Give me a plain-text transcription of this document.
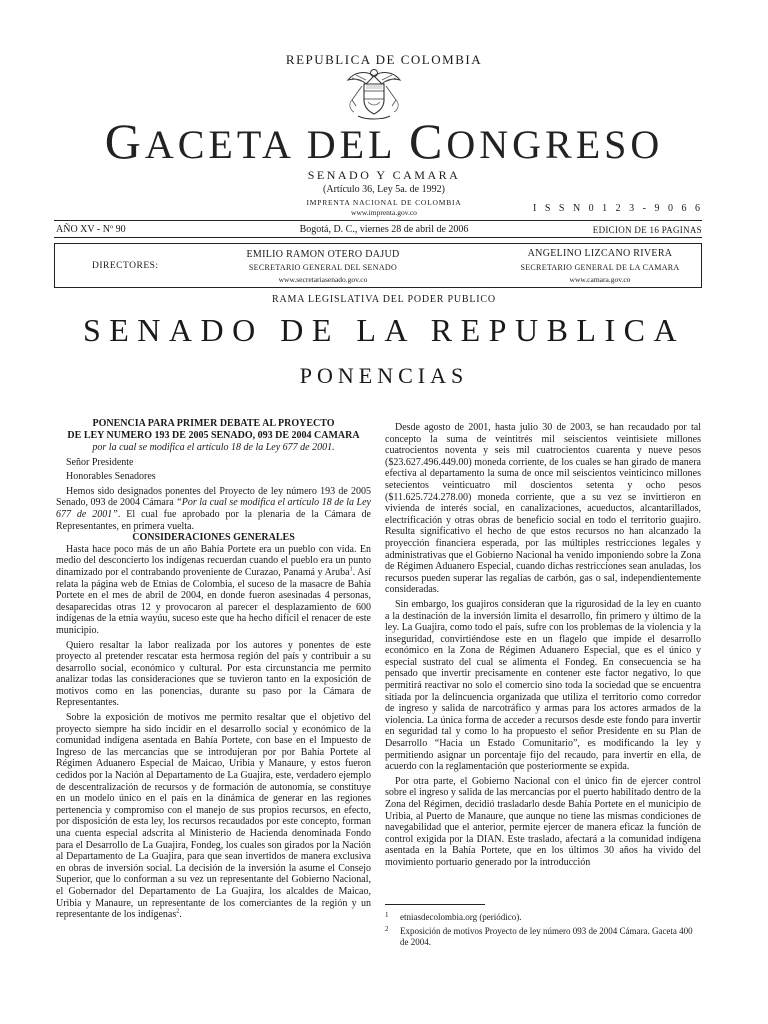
REPUBLICA DE COLOMBIA
GACETA DEL CONGRESO
SENADO Y CAMARA
(Artículo 36, Ley 5a. de 1992)
IMPRENTA NACIONAL DE COLOMBIA
www.imprenta.gov.co	I S S N 0 1 2 3 - 9 0 6 6
AÑO XV - Nº 90	Bogotá, D. C., viernes 28 de abril de 2006	EDICION DE 16 PAGINAS
DIRECTORES:
EMILIO RAMON OTERO DAJUD
SECRETARIO GENERAL DEL SENADO
www.secretariasenado.gov.co
ANGELINO LIZCANO RIVERA
SECRETARIO GENERAL DE LA CAMARA
www.camara.gov.co
RAMA LEGISLATIVA DEL PODER PUBLICO
SENADO DE LA REPUBLICA
PONENCIAS

PONENCIA PARA PRIMER DEBATE AL PROYECTO

DE LEY NUMERO 193 DE 2005 SENADO, 093 DE 2004 CAMARA

por la cual se modifica el artículo 18 de la Ley 677 de 2001.

Señor Presidente

Honorables Senadores

Hemos sido designados ponentes del Proyecto de ley número 193 de 2005 Senado, 093 de 2004 Cámara “Por la cual se modifica el artículo 18 de la Ley 677 de 2001”. El cual fue aprobado por la plenaria de la Cámara de Representantes, en primera vuelta.

CONSIDERACIONES GENERALES

Hasta hace poco más de un año Bahía Portete era un pueblo con vida. En medio del desconcierto los indígenas recuerdan cuando el pueblo era un punto dinamizado por el contrabando proveniente de Curazao, Panamá y Aruba$^1$. Así relata la página web de Etnias de Colombia, el suceso de la masacre de Bahía Portete en el mes de abril de 2004, en donde fueron asesinadas 4 personas, desaparecidas otras 12 y provocaron al parecer el desplazamiento de 600 indígenas de la etnia wayúu, suceso este que ha hecho difícil el renacer de este municipio.

Quiero resaltar la labor realizada por los autores y ponentes de este proyecto al pretender rescatar esta hermosa región del país y contribuir a su desarrollo social, económico y cultural. Por esta circunstancia me permito analizar todas las consideraciones que se tuvieron tanto en la exposición de motivos como en las ponencias, durante su paso por la Cámara de Representantes.

Sobre la exposición de motivos me permito resaltar que el objetivo del proyecto siempre ha sido incidir en el desarrollo social y económico de la comunidad indígena asentada en Bahía Portete, con base en el Impuesto de Ingreso de las mercancías que se introdujeran por por Bahía Portete al Régimen Aduanero Especial de Maicao, Uribia y Manaure, y estos fueron cedidos por la Nación al Departamento de La Guajira, este, verdadero ejemplo de descentralización de recursos y de formación de autonomía, se constituye en un modelo único en el país en la dinámica de generar en las regiones pertenencia y compromiso con el manejo de sus propios recursos, en efecto, por disposición de esta ley, los recursos recaudados por este concepto, forman una cuenta especial adscrita al Ministerio de Hacienda denominada Fondo para el Desarrollo de La Guajira, Fondeg, los cuales son girados por la Nación al Departamento de La Guajira, para que sean invertidos de manera exclusiva en obras de inversión social. La decisión de la inversión la asume el Consejo Superior, que lo conforman a su vez un representante del Gobierno Nacional, el Gobernador del Departamento de La Guajira, los alcaldes de Maicao, Uribia y Manaure, un representante de los comerciantes de la región y un representante de los indígenas$^2$.

Desde agosto de 2001, hasta julio 30 de 2003, se han recaudado por tal concepto la suma de veintitrés mil seiscientos veintisiete millones cuatrocientos noventa y seis mil cuatrocientos cuarenta y nueve pesos ($23.627.496.449.00) moneda corriente, de los cuales se han girado de manera efectiva al departamento la suma de once mil seiscientos veinticinco millones setecientos veinticuatro mil doscientos setenta y ocho pesos ($11.625.724.278.00) moneda corriente, que a su vez se invirtieron en vivienda de interés social, en canalizaciones, acueductos, alcantarillados, electrificación y otras obras de beneficio social en todo el territorio guajiro. Resulta significativo el hecho de que estos recursos no han alcanzado la proyección financiera esperada, por las múltiples restricciones legales y administrativas que el Gobierno Nacional ha venido imponiendo sobre la Zona de Régimen Aduanero Especial, cuando dichas restricciones sean anuladas, los recursos pueden superar las regalías de carbón, gas o sal, independientemente consideradas.

Sin embargo, los guajiros consideran que la rigurosidad de la ley en cuanto a la destinación de la inversión limita el desarrollo, fin primero y último de la ley. La Guajira, como todo el país, sufre con los problemas de la violencia y la inseguridad, convirtiéndose este en un flagelo que impide el desarrollo económico en la Zona de Régimen Aduanero Especial, que es el único y especial sustrato del cual se alimenta el Fondeg. En consecuencia se ha pensado que invertir precisamente en contener este factor negativo, lo que permitirá reactivar no solo el comercio sino toda la sociedad que se encuentra sitiada por la delincuencia organizada que utiliza el territorio como corredor de ingreso y salida de narcotráfico y armas para los actores armados de la violencia. La única forma de acceder a recursos desde este fondo para invertir en seguridad tal y como lo ha propuesto el señor Presidente en su Plan de Desarrollo “Hacia un Estado Comunitario”, es modificando la ley y permitiendo asignar un porcentaje fijo del recaudo, para invertir en ella, de acuerdo con la reglamentación que posteriormente se expida.

Por otra parte, el Gobierno Nacional con el único fin de ejercer control sobre el ingreso y salida de las mercancías por el puerto habilitado dentro de la Zona del Régimen, decidió trasladarlo desde Bahía Portete en el municipio de Uribia, al Puerto de Manaure, que aunque no tiene las mismas condiciones de navegabilidad que el anterior, permite ejercer de manera eficaz la función de control exigida por la DIAN. Este traslado, afectará a la comunidad indígena asentada en la Bahía Portete, que en los últimos 30 años ha vivido del movimiento portuario generado por la introducción

1 etniasdecolombia.org (periódico).
2 Exposición de motivos Proyecto de ley número 093 de 2004 Cámara. Gaceta 400 de 2004.
